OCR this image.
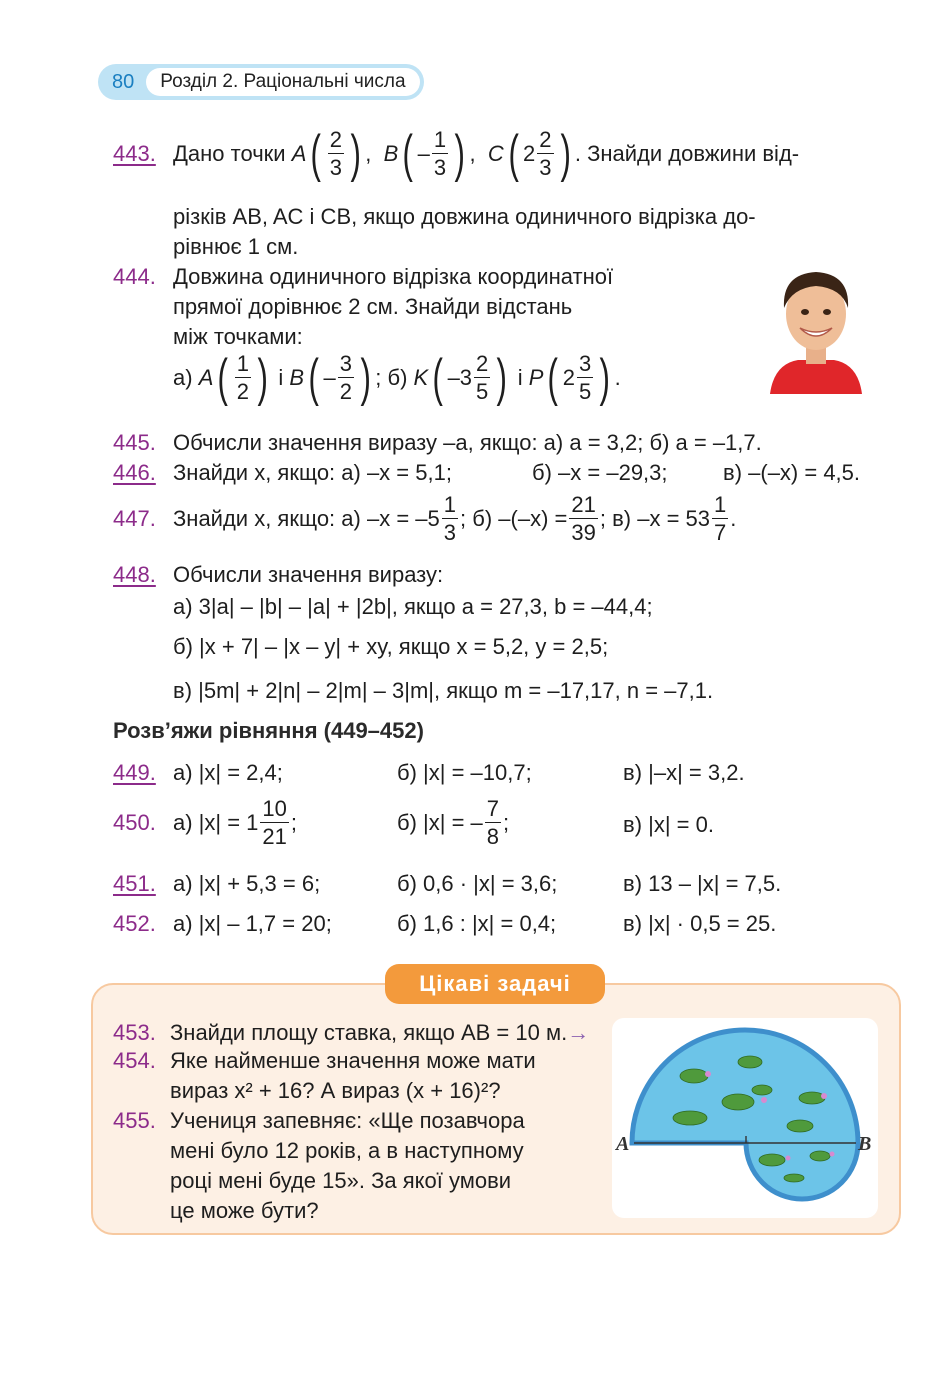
80	Розділ 2. Раціональні числа
443. Дано точки A ( $\frac{2}{3}$ ) , B ( – $\frac{1}{3}$ ) , C ( $2 \frac{2}{3}$ ) . Знайди довжини від-
різків AB, AC і CB, якщо довжина одиничного відрізка до-
рівнює 1 см.
444. Довжина одиничного відрізка координатної
прямої дорівнює 2 см. Знайди відстань
між точками:
а)
A ( $\frac{1}{2}$ )
і
B ( – $\frac{3}{2}$ ) ; б)
K ( $-3 \frac{2}{5}$ )
і
P ( $2 \frac{3}{5}$ ) .
445. Обчисли значення виразу –a, якщо: а) a = 3,2; б) a = –1,7.
446. Знайди x, якщо: а) –x = 5,1;	б) –x = –29,3;	в) –(–x) = 4,5.
447. Знайди x, якщо: а)
$-x = -5 \frac{1}{3}$ ; б)
$-(-x) = \frac{21}{39}$ ; в)
$-x = 53 \frac{1}{7}$ .
448. Обчисли значення виразу:
а) 3|a| – |b| – |a| + |2b|, якщо a = 27,3, b = –44,4;
б) |x + 7| – |x – y| + xy, якщо x = 5,2, y = 2,5;
в) |5m| + 2|n| – 2|m| – 3|m|, якщо m = –17,17, n = –7,1.
Розв’яжи рівняння (449–452)
449. а) |x| = 2,4;	б) |x| = –10,7;	в) |–x| = 3,2.
450. а) $|x| = 1 \frac{10}{21}$ ;	б) |x| = – $\frac{7}{8}$ ;	в) |x| = 0.
451. а) |x| + 5,3 = 6;	б) 0,6 · |x| = 3,6;	в) 13 – |x| = 7,5.
452. а) |x| – 1,7 = 20;	б) 1,6 : |x| = 0,4;	в) |x| · 0,5 = 25.
Цікаві задачі
453. Знайди площу ставка, якщо AB = 10 м.→
454. Яке найменше значення може мати
вираз x² + 16? А вираз (x + 16)²?
455. Учениця запевняє: «Ще позавчора
мені було 12 років, а в наступному
році мені буде 15». За якої умови
це може бути?
A	B
